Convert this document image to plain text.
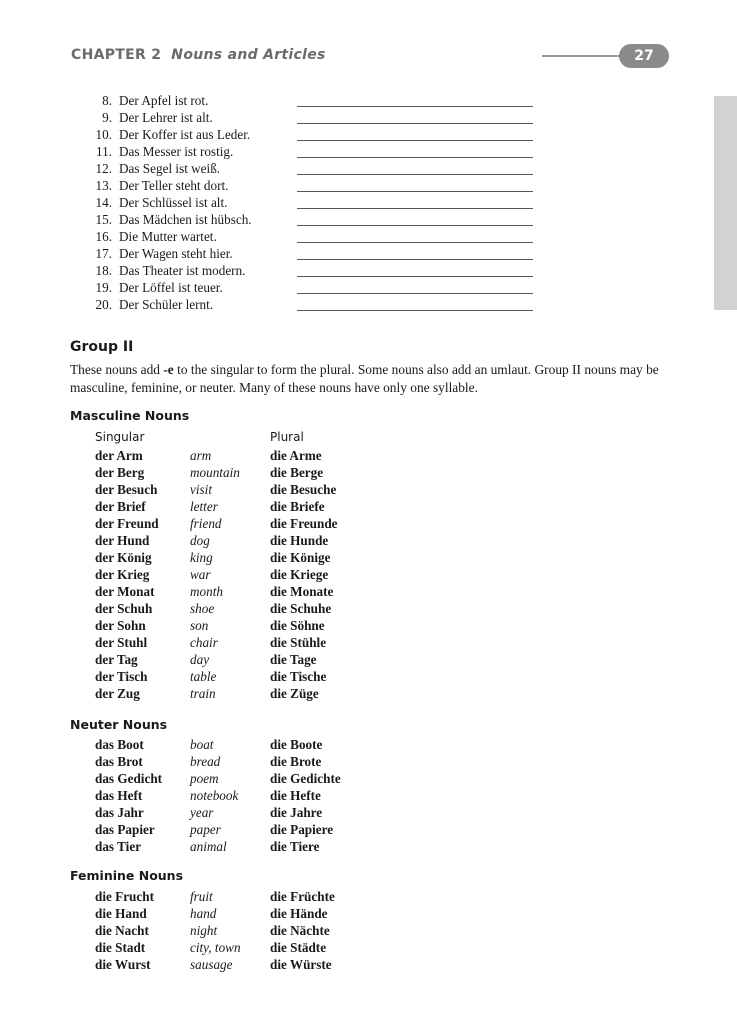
CHAPTER 2 Nouns and Articles	27
8. Der Apfel ist rot.
9. Der Lehrer ist alt.
10. Der Koffer ist aus Leder.
11. Das Messer ist rostig.
12. Das Segel ist weiß.
13. Der Teller steht dort.
14. Der Schlüssel ist alt.
15. Das Mädchen ist hübsch.
16. Die Mutter wartet.
17. Der Wagen steht hier.
18. Das Theater ist modern.
19. Der Löffel ist teuer.
20. Der Schüler lernt.
Group II
These nouns add -e to the singular to form the plural. Some nouns also add an umlaut. Group II nouns may be masculine, feminine, or neuter. Many of these nouns have only one syllable.
Singular	Plural
Masculine Nouns
der Arm	arm	die Arme
der Berg	mountain die Berge
der Besuch visit	die Besuche
der Brief	letter	die Briefe
der Freund friend	die Freunde
der Hund	dog	die Hunde
der König	king	die Könige
der Krieg	war	die Kriege
der Monat	month	die Monate
der Schuh	shoe	die Schuhe
der Sohn	son	die Söhne
der Stuhl	chair	die Stühle
der Tag	day	die Tage
der Tisch	table	die Tische
der Zug	train	die Züge
Neuter Nouns
das Boot	boat	die Boote
das Brot	bread	die Brote
das Gedicht poem	die Gedichte
das Heft	notebook die Hefte
das Jahr	year	die Jahre
das Papier	paper	die Papiere
das Tier	animal	die Tiere
Feminine Nouns
die Frucht	fruit	die Früchte
die Hand	hand	die Hände
die Nacht	night	die Nächte
die Stadt	city, town die Städte
die Wurst	sausage	die Würste
